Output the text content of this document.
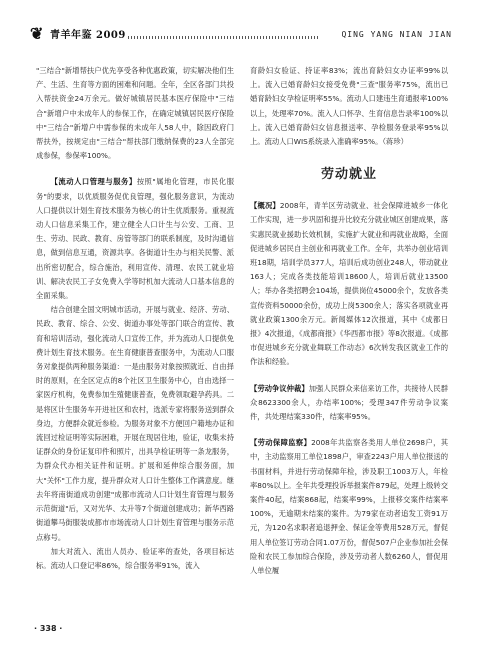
❦ 青羊年鉴 2009	QING YANG NIAN JIAN

"三结合"新增帮扶户优先享受各种优惠政策，切实解决他们生产、生活、生育等方面的困难和问题。全年，全区各部门共投入帮扶资金24万余元。做好城镇居民基本医疗保险中"三结合"新增户中未成年人的参保工作，在确定城镇居民医疗保险中"三结合"新增户中需参保的未成年人58人中，除因政府门帮扶外，按规定由"三结合"帮扶部门缴纳保费的23人全部完成参保，参保率100%。

【流动人口管理与服务】按照"属地化管理，市民化服务"的要求，以优质服务促优良管理，强化服务意识，为流动人口提供以计划生育技术服务为核心的计生优质服务。重视流动人口信息采集工作，建立健全人口计生与公安、工商、卫生、劳动、民政、教育、房管等部门的联系制度，及时沟通信息，做到信息互通，资源共享。各街道计生办与相关民警、派出所密切配合，综合施治，利用宣传、清理、农民工就业培训、解决农民工子女免费入学等时机加大流动人口基本信息的全面采集。

结合创建全国文明城市活动，开展与就业、经济、劳动、民政、教育、综合、公安、街道办事处等部门联合的宣传、教育和培训活动，强化流动人口宣传工作，并为流动人口提供免费计划生育技术服务。在生育健康普查服务中，为流动人口服务对象提供两种服务渠道：一是由服务对象按照就近、自由择时的原则，在全区定点的8个社区卫生服务中心，自由选择一家医疗机构，免费参加生殖健康普查，免费领取避孕药具。二是将区计生服务车开进社区和农村，选派专家将服务送到群众身边，方便群众就近参检。为服务对象不方便回户籍地办证和流回过检证明等实际困难，开展在现居住地，验证，收集未持证群众的身份证复印件和照片，出具孕检证明等一条龙服务，为群众代办相关证件和证明。扩展和延伸综合服务面，加大"关怀"工作力度，提升群众对人口计生整体工作满意度。继去年将南街道成功创建"成都市流动人口计划生育管理与服务示范街道"后，又对光华、太升等7个街道创建成功；新华西路街道攀马街服装成都市市场流动人口计划生育管理与服务示范点称号。

加大对流入、流出人员办、验证率的查处，各项目标达标。流动人口登记率86%，综合服务率91%，流入

育龄妇女验证、持证率83%；流出育龄妇女办证率99%以上。流入已婚育龄妇女接受免费"三查"服务率75%，流出已婚育龄妇女孕检证明率55%。流动人口建违生育通报率100%以上，处理率70%。流入人口怀孕、生育信息告录率100%以上。流入已婚育龄妇女信息报送率、孕检服务登录率95%以上。流动人口WIS系统录入准确率95%。（蒋珍）

劳动就业

【概况】2008年，青羊区劳动就业、社会保障进城乡一体化工作实现，进一步巩固和提升比较充分就业城区创建成果，落实惠民就业援助长效机制，实施扩大就业和再就业战略，全面促进城乡居民自主创业和再就业工作。全年，共举办创业培训班18期，培训学员377人，培训后成功创业248人，带动就业163人；完成各类技能培训18600人，培训后就业13500人；举办各类招聘会104场，提供岗位45000余个，发放各类宣传资料50000余份，成功上岗5300余人；落实各项就业再就业政策1300余万元。新闻媒体12次报道，其中《成都日报》4次报道，《成都商报》《华西都市报》等8次报道。《成都市促进城乡充分就业舞联工作动态》6次转发我区就业工作的作法和经验。

【劳动争议仲裁】加强人民群众来信来访工作，共接待人民群众8623300余人，办结率100%；受理347件劳动争议案件，共处理结案330件，结案率95%。

【劳动保障监察】2008年共监察各类用人单位2698户，其中，主动监察用工单位1898户，审查2243户用人单位报送的书面材料，并进行劳动保障年检，涉及职工1003万人，年检率80%以上。全年共受理投诉举报案件879起，处理上级转交案件40起，结案868起，结案率99%，上报移交案件结案率100%，无逾期未结案的案件。为79家在动者追发工资91万元，为120名求职者追退押金、保证金等费用528万元，督促用人单位签订劳动合同1.07万份，督促507户企业参加社会保险和农民工参加综合保险，涉及劳动者人数6260人，督促用人单位履

· 338 ·
